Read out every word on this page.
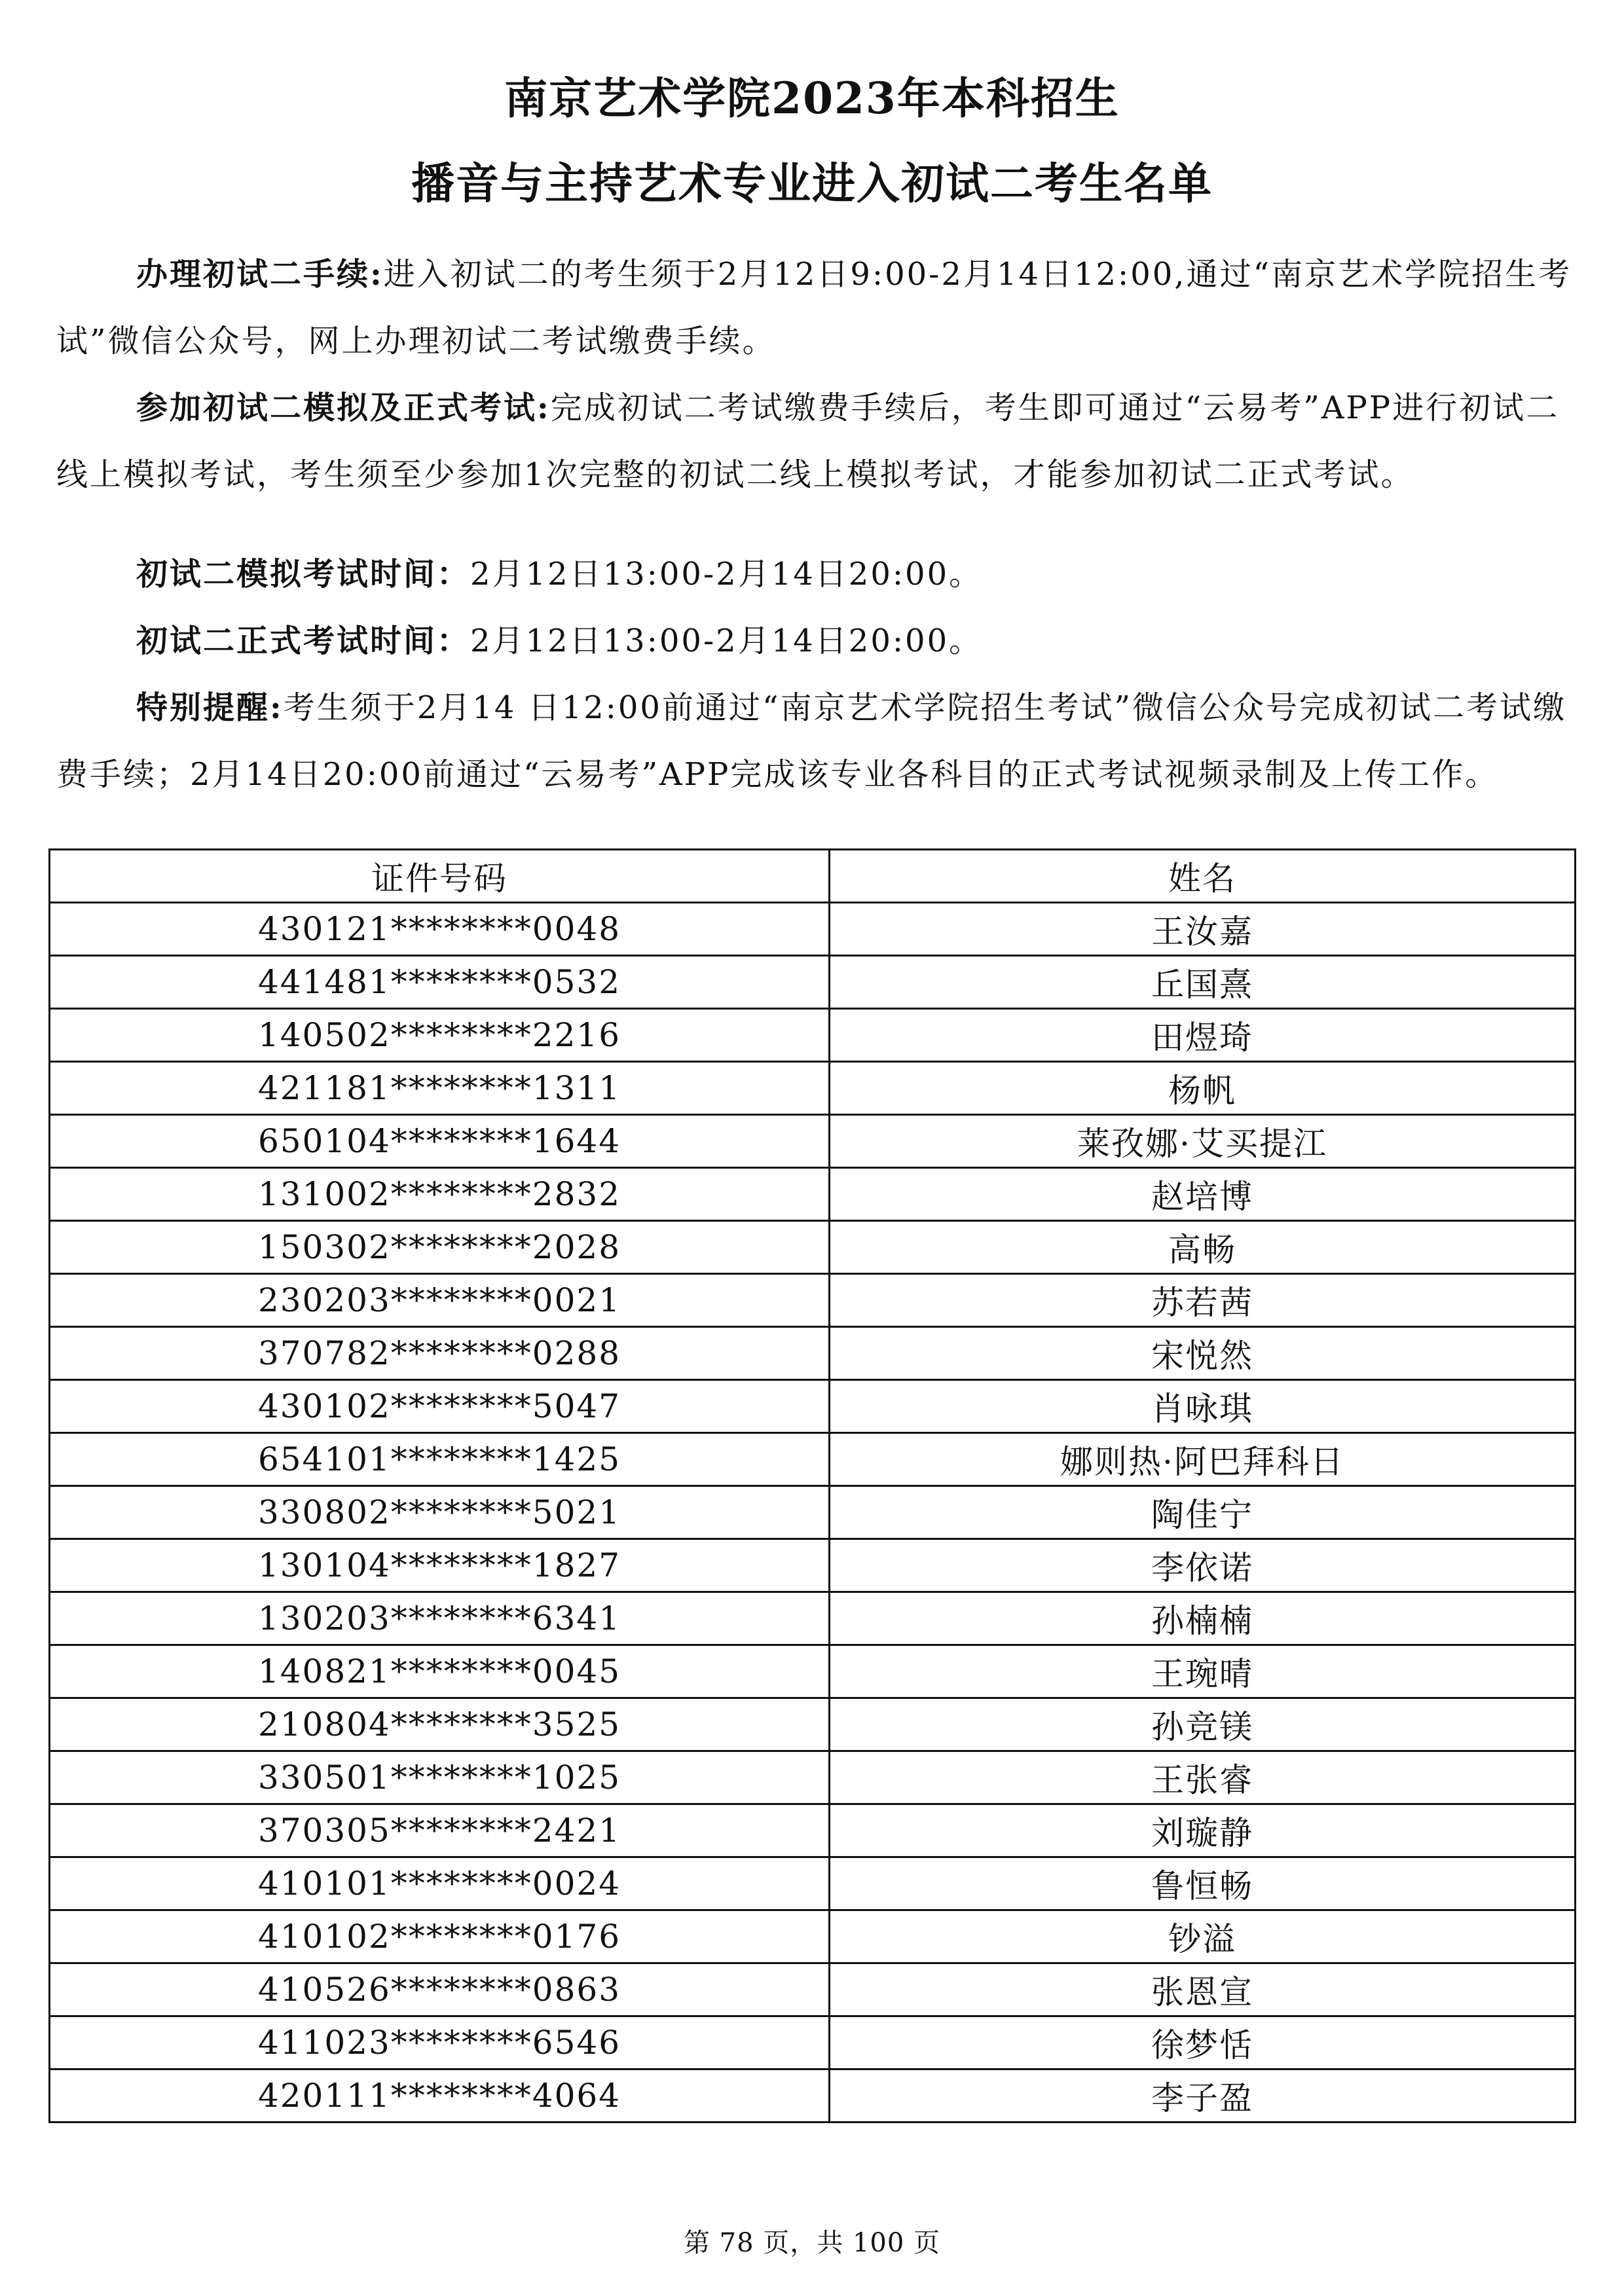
南京艺术学院2023年本科招生
播音与主持艺术专业进入初试二考生名单

办理初试二手续:进入初试二的考生须于2月12日9:00-2月14日12:00,通过“南京艺术学院招生考试”微信公众号，网上办理初试二考试缴费手续。

参加初试二模拟及正式考试:完成初试二考试缴费手续后，考生即可通过“云易考”APP进行初试二线上模拟考试，考生须至少参加1次完整的初试二线上模拟考试，才能参加初试二正式考试。

初试二模拟考试时间：2月12日13:00-2月14日20:00。

初试二正式考试时间：2月12日13:00-2月14日20:00。

特别提醒:考生须于2月14 日12:00前通过“南京艺术学院招生考试”微信公众号完成初试二考试缴费手续；2月14日20:00前通过“云易考”APP完成该专业各科目的正式考试视频录制及上传工作。

证件号码	姓名
430121********0048	王汝嘉
441481********0532	丘国熹
140502********2216	田煜琦
421181********1311	杨帆
650104********1644	莱孜娜·艾买提江
131002********2832	赵培博
150302********2028	高畅
230203********0021	苏若茜
370782********0288	宋悦然
430102********5047	肖咏琪
654101********1425	娜则热·阿巴拜科日
330802********5021	陶佳宁
130104********1827	李依诺
130203********6341	孙楠楠
140821********0045	王琬晴
210804********3525	孙竞镁
330501********1025	王张睿
370305********2421	刘璇静
410101********0024	鲁恒畅
410102********0176	钞溢
410526********0863	张恩宣
411023********6546	徐梦恬
420111********4064	李子盈
第 78 页，共 100 页
